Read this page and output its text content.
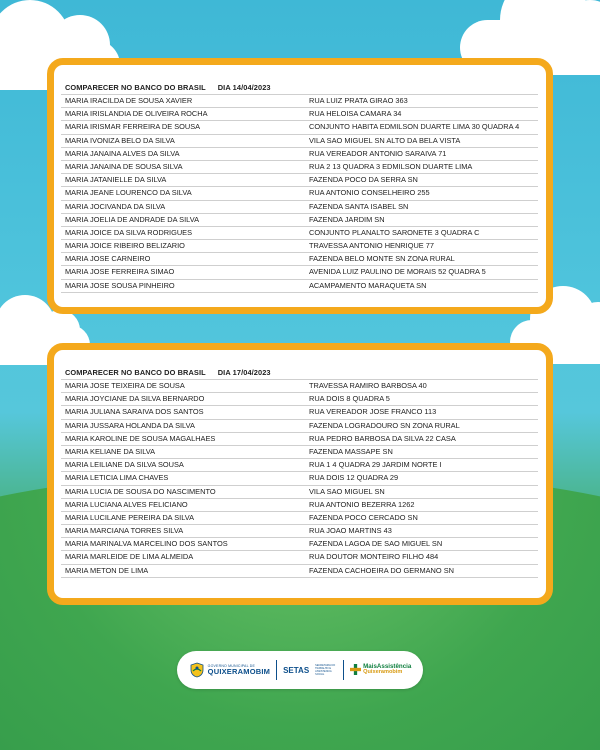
COMPARECER NO BANCO DO BRASIL DIA 14/04/2023
MARIA IRACILDA DE SOUSA XAVIER	RUA LUIZ PRATA GIRAO 363
MARIA IRISLANDIA DE OLIVEIRA ROCHA	RUA HELOISA CAMARA 34
MARIA IRISMAR FERREIRA DE SOUSA	CONJUNTO HABITA EDMILSON DUARTE LIMA 30 QUADRA 4
MARIA IVONIZA BELO DA SILVA	VILA SAO MIGUEL SN ALTO DA BELA VISTA
MARIA JANAINA ALVES DA SILVA	RUA VEREADOR ANTONIO SARAIVA 71
MARIA JANAINA DE SOUSA SILVA	RUA 2 13 QUADRA 3 EDMILSON DUARTE LIMA
MARIA JATANIELLE DA SILVA	FAZENDA POCO DA SERRA SN
MARIA JEANE LOURENCO DA SILVA	RUA ANTONIO CONSELHEIRO 255
MARIA JOCIVANDA DA SILVA	FAZENDA SANTA ISABEL SN
MARIA JOELIA DE ANDRADE DA SILVA	FAZENDA JARDIM SN
MARIA JOICE DA SILVA RODRIGUES	CONJUNTO PLANALTO SARONETE 3 QUADRA C
MARIA JOICE RIBEIRO BELIZARIO	TRAVESSA ANTONIO HENRIQUE 77
MARIA JOSE CARNEIRO	FAZENDA BELO MONTE SN ZONA RURAL
MARIA JOSE FERREIRA SIMAO	AVENIDA LUIZ PAULINO DE MORAIS 52 QUADRA 5
MARIA JOSE SOUSA PINHEIRO	ACAMPAMENTO MARAQUETA SN
COMPARECER NO BANCO DO BRASIL DIA 17/04/2023
MARIA JOSE TEIXEIRA DE SOUSA	TRAVESSA RAMIRO BARBOSA 40
MARIA JOYCIANE DA SILVA BERNARDO	RUA DOIS 8 QUADRA 5
MARIA JULIANA SARAIVA DOS SANTOS	RUA VEREADOR JOSE FRANCO 113
MARIA JUSSARA HOLANDA DA SILVA	FAZENDA LOGRADOURO SN ZONA RURAL
MARIA KAROLINE DE SOUSA MAGALHAES	RUA PEDRO BARBOSA DA SILVA 22 CASA
MARIA KELIANE DA SILVA	FAZENDA MASSAPE SN
MARIA LEILIANE DA SILVA SOUSA	RUA 1 4 QUADRA 29 JARDIM NORTE I
MARIA LETICIA LIMA CHAVES	RUA DOIS 12 QUADRA 29
MARIA LUCIA DE SOUSA DO NASCIMENTO	VILA SAO MIGUEL SN
MARIA LUCIANA ALVES FELICIANO	RUA ANTONIO BEZERRA 1262
MARIA LUCILANE PEREIRA DA SILVA	FAZENDA POCO CERCADO SN
MARIA MARCIANA TORRES SILVA	RUA JOAO MARTINS 43
MARIA MARINALVA MARCELINO DOS SANTOS	FAZENDA LAGOA DE SAO MIGUEL SN
MARIA MARLEIDE DE LIMA ALMEIDA	RUA DOUTOR MONTEIRO FILHO 484
MARIA METON DE LIMA	FAZENDA CACHOEIRA DO GERMANO SN
GOVERNO MUNICIPAL DE
QUIXERAMOBIM SETAS SECRETARIA DO TRABALHO E ASSISTENCIA SOCIAL
MaisAssistência
Quixeramobim
